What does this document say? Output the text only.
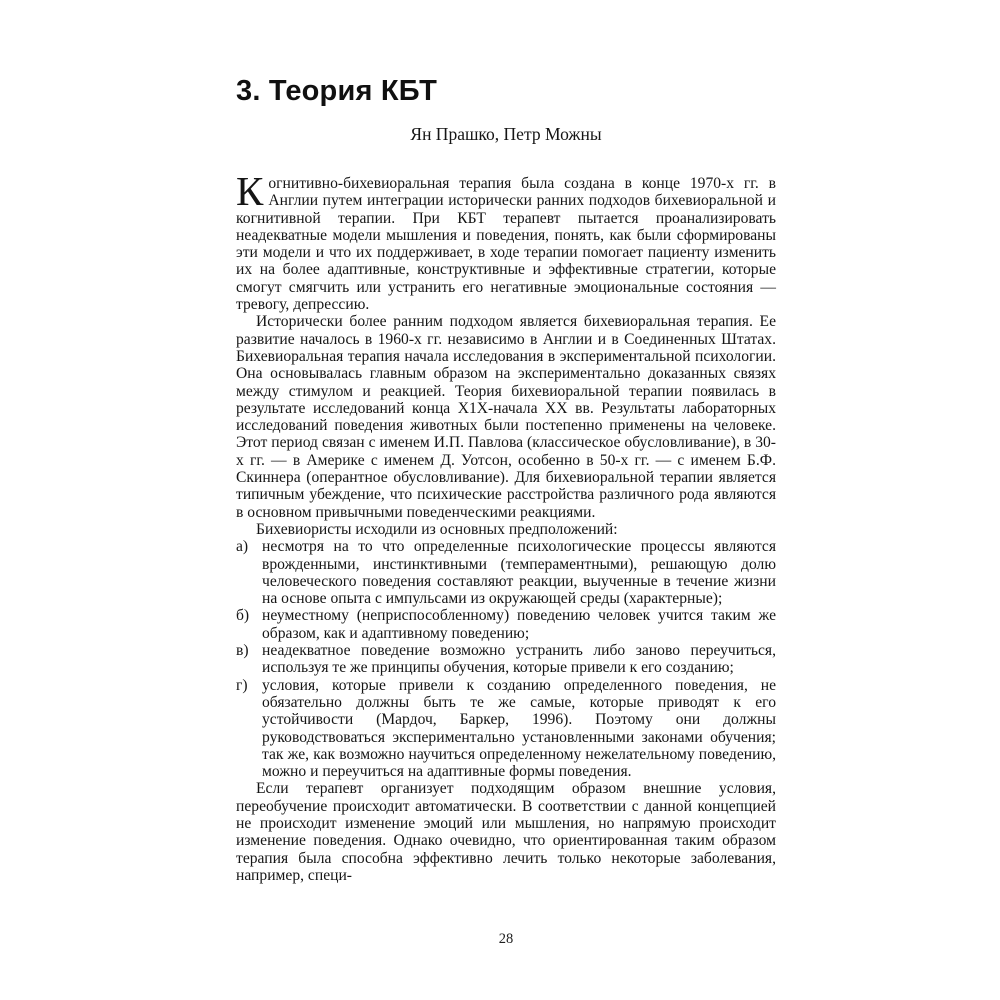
3. Теория КБТ
Ян Прашко, Петр Можны

Когнитивно-бихевиоральная терапия была создана в конце 1970-х гг. в Англии путем интеграции исторически ранних подходов бихевиоральной и когнитивной терапии. При КБТ терапевт пытается проанализировать неадекватные модели мышления и поведения, понять, как были сформированы эти модели и что их поддерживает, в ходе терапии помогает пациенту изменить их на более адаптивные, конструктивные и эффективные стратегии, которые смогут смягчить или устранить его негативные эмоциональные состояния — тревогу, депрессию.

Исторически более ранним подходом является бихевиоральная терапия. Ее развитие началось в 1960-х гг. независимо в Англии и в Соединенных Штатах. Бихевиоральная терапия начала исследования в экспериментальной психологии. Она основывалась главным образом на экспериментально доказанных связях между стимулом и реакцией. Теория бихевиоральной терапии появилась в результате исследований конца Х1Х-начала ХХ вв. Результаты лабораторных исследований поведения животных были постепенно применены на человеке. Этот период связан с именем И.П. Павлова (классическое обусловливание), в 30-х гг. — в Америке с именем Д. Уотсон, особенно в 50-х гг. — с именем Б.Ф. Скиннера (оперантное обусловливание). Для бихевиоральной терапии является типичным убеждение, что психические расстройства различного рода являются в основном привычными поведенческими реакциями.

Бихевиористы исходили из основных предположений:

а) несмотря на то что определенные психологические процессы являются врожденными, инстинктивными (темпераментными), решающую долю человеческого поведения составляют реакции, выученные в течение жизни на основе опыта с импульсами из окружающей среды (характерные);
б) неуместному (неприспособленному) поведению человек учится таким же образом, как и адаптивному поведению;
в) неадекватное поведение возможно устранить либо заново переучиться, используя те же принципы обучения, которые привели к его созданию;
г) условия, которые привели к созданию определенного поведения, не обязательно должны быть те же самые, которые приводят к его устойчивости (Мардоч, Баркер, 1996). Поэтому они должны руководствоваться экспериментально установленными законами обучения; так же, как возможно научиться определенному нежелательному поведению, можно и переучиться на адаптивные формы поведения.

Если терапевт организует подходящим образом внешние условия, переобучение происходит автоматически. В соответствии с данной концепцией не происходит изменение эмоций или мышления, но напрямую происходит изменение поведения. Однако очевидно, что ориентированная таким образом терапия была способна эффективно лечить только некоторые заболевания, например, специ-

28
